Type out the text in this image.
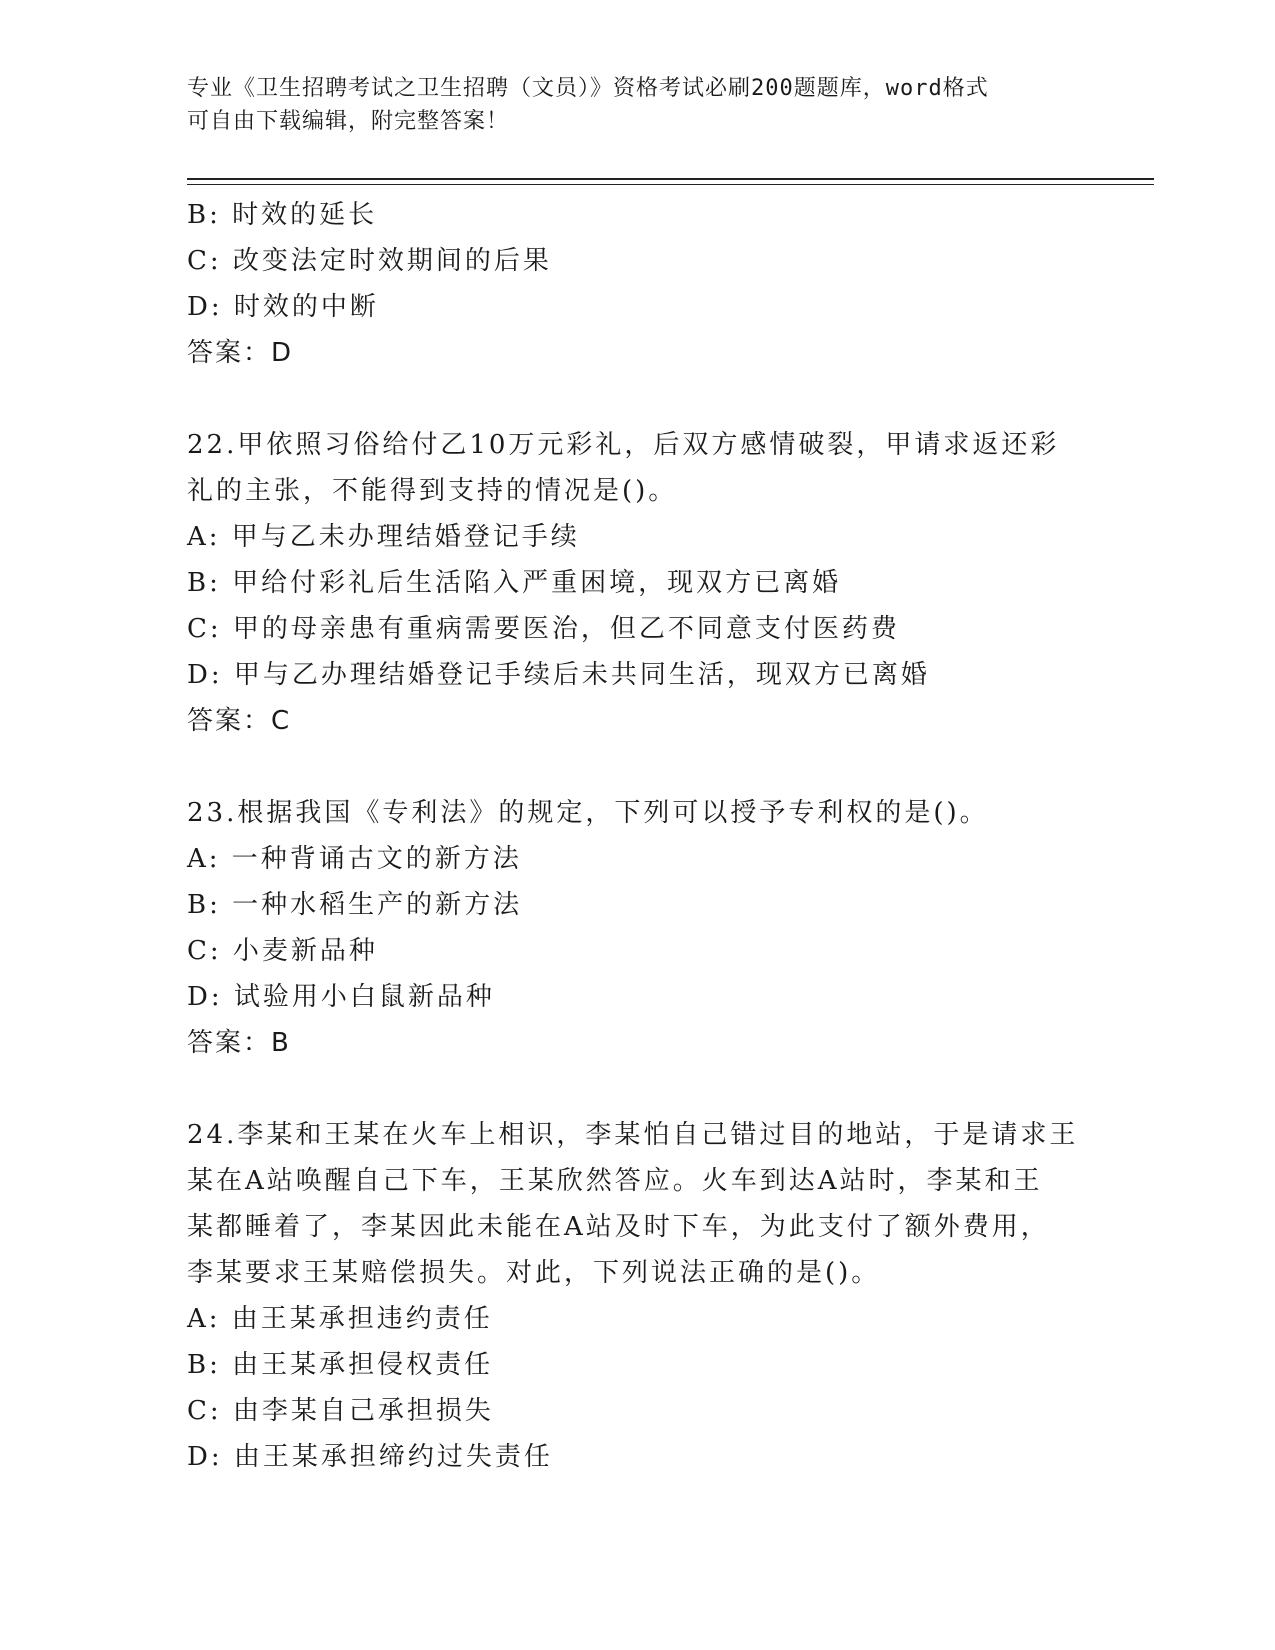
专业《卫生招聘考试之卫生招聘（文员）》资格考试必刷200题题库，word格式
可自由下载编辑，附完整答案！
B: 时效的延长
C: 改变法定时效期间的后果
D: 时效的中断
答案：D
22.甲依照习俗给付乙10万元彩礼，后双方感情破裂，甲请求返还彩
礼的主张，不能得到支持的情况是()。
A: 甲与乙未办理结婚登记手续
B: 甲给付彩礼后生活陷入严重困境，现双方已离婚
C: 甲的母亲患有重病需要医治，但乙不同意支付医药费
D: 甲与乙办理结婚登记手续后未共同生活，现双方已离婚
答案：C
23.根据我国《专利法》的规定，下列可以授予专利权的是()。
A: 一种背诵古文的新方法
B: 一种水稻生产的新方法
C: 小麦新品种
D: 试验用小白鼠新品种
答案：B
24.李某和王某在火车上相识，李某怕自己错过目的地站，于是请求王
某在A站唤醒自己下车，王某欣然答应。火车到达A站时，李某和王
某都睡着了，李某因此未能在A站及时下车，为此支付了额外费用，
李某要求王某赔偿损失。对此，下列说法正确的是()。
A: 由王某承担违约责任
B: 由王某承担侵权责任
C: 由李某自己承担损失
D: 由王某承担缔约过失责任
